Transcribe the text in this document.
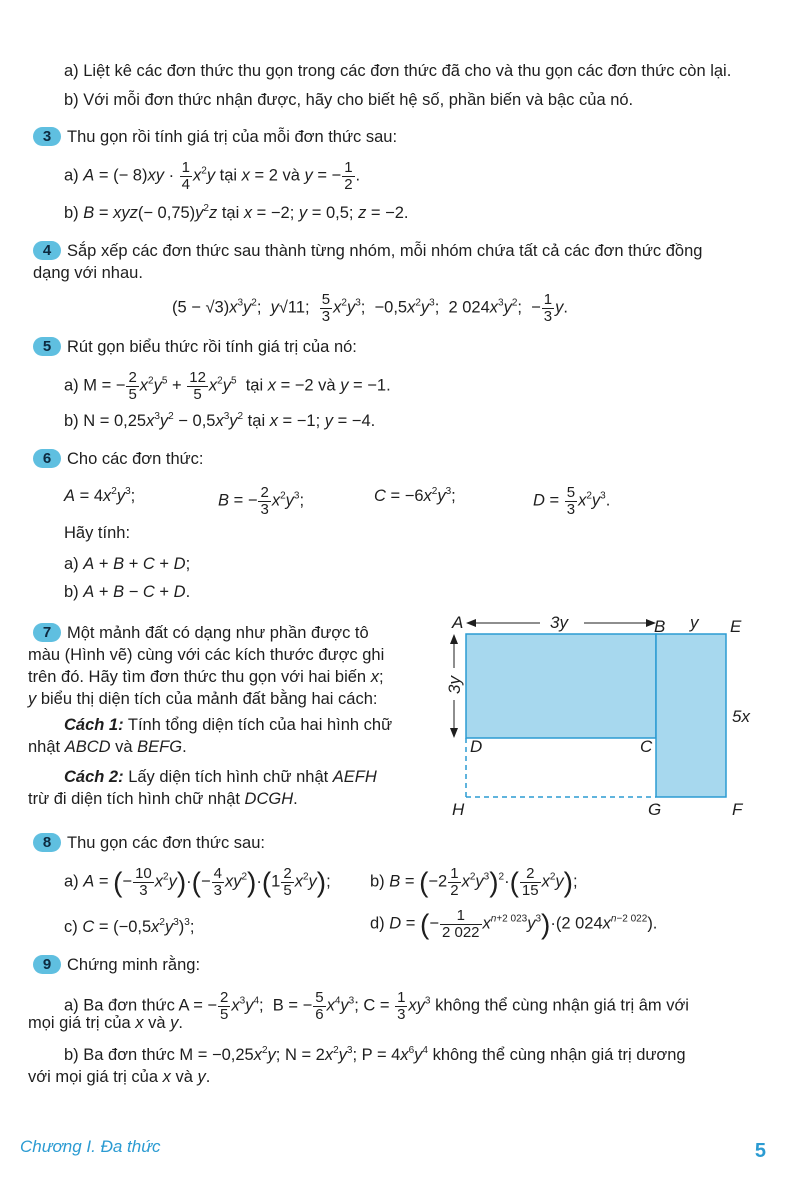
a) Liệt kê các đơn thức thu gọn trong các đơn thức đã cho và thu gọn các đơn thức còn lại.
b) Với mỗi đơn thức nhận được, hãy cho biết hệ số, phần biến và bậc của nó.
3 Thu gọn rồi tính giá trị của mỗi đơn thức sau:
a) A = (− $8)xy \cdot \frac{1}{4} x^2y$ tại x = 2 và y = − $\frac{1}{2}$ .
b) $B = xyz(- 0,75)y^2z$ tại x = −2; y = 0,5; z = −2.
4 Sắp xếp các đơn thức sau thành từng nhóm, mỗi nhóm chứa tất cả các đơn thức đồng
dạng với nhau.
$(5 - √3)x^3y^2$;  y√11; $\frac{5}{3} x^2y^3$;  $-0,5x^2y^3$;  2 $024x^3y^2$;  − $\frac{1}{3} y$.
5 Rút gọn biểu thức rồi tính giá trị của nó:
a) M = − $\frac{2}{5} x^2y^5 + \frac{12}{5} x^2y^5$  tại x = −2 và y = −1.
b) $N = 0,25x^3y^2 - 0,5x^3y^2$ tại x = −1; y = −4.
6 Cho các đơn thức:
$A = 4x^2y^3$;	B = − $\frac{2}{3} x^2y^3$;	$C = -6x^2y^3$;	$D = \frac{5}{3} x^2y^3$.
Hãy tính:
a) A + B + C + D;
b) A + B − C + D.
7 Một mảnh đất có dạng như phần được tô
màu (Hình vẽ) cùng với các kích thước được ghi
trên đó. Hãy tìm đơn thức thu gọn với hai biến x;
y biểu thị diện tích của mảnh đất bằng hai cách:
Cách 1: Tính tổng diện tích của hai hình chữ
nhật ABCD và BEFG.
Cách 2: Lấy diện tích hình chữ nhật AEFH
trừ đi diện tích hình chữ nhật DCGH.
A	B	E
D	C
H	G	F
3y	y
5x
3y
8 Thu gọn các đơn thức sau:
a) A = (− $\frac{10}{3} x^2y)\cdot(- \frac{4}{3} xy^2)\cdot(1 \frac{2}{5} x^2y)$; b) $B = (-2 \frac{1}{2} x^2y^3)^2\cdot( \frac{2}{15} x^2y)$;
c) $C = (-0,5x^2y^3)^3$;	d) D = (− $\frac{1}{2 022} x^{n+2 023}y^3)\cdot(2$ $024x^{n-2 022}$).
9 Chứng minh rằng:
a) Ba đơn thức A = − $\frac{2}{5} x^3y^4$;  B = − $\frac{5}{6} x^4y^3$; $C = \frac{1}{3} xy^3$ không thể cùng nhận giá trị âm với
mọi giá trị của x và y.
b) Ba đơn thức $M = -0,25x^2y$; $N = 2x^2y^3$; $P = 4x^6y^4$ không thể cùng nhận giá trị dương
với mọi giá trị của x và y.
Chương I. Đa thức	5
